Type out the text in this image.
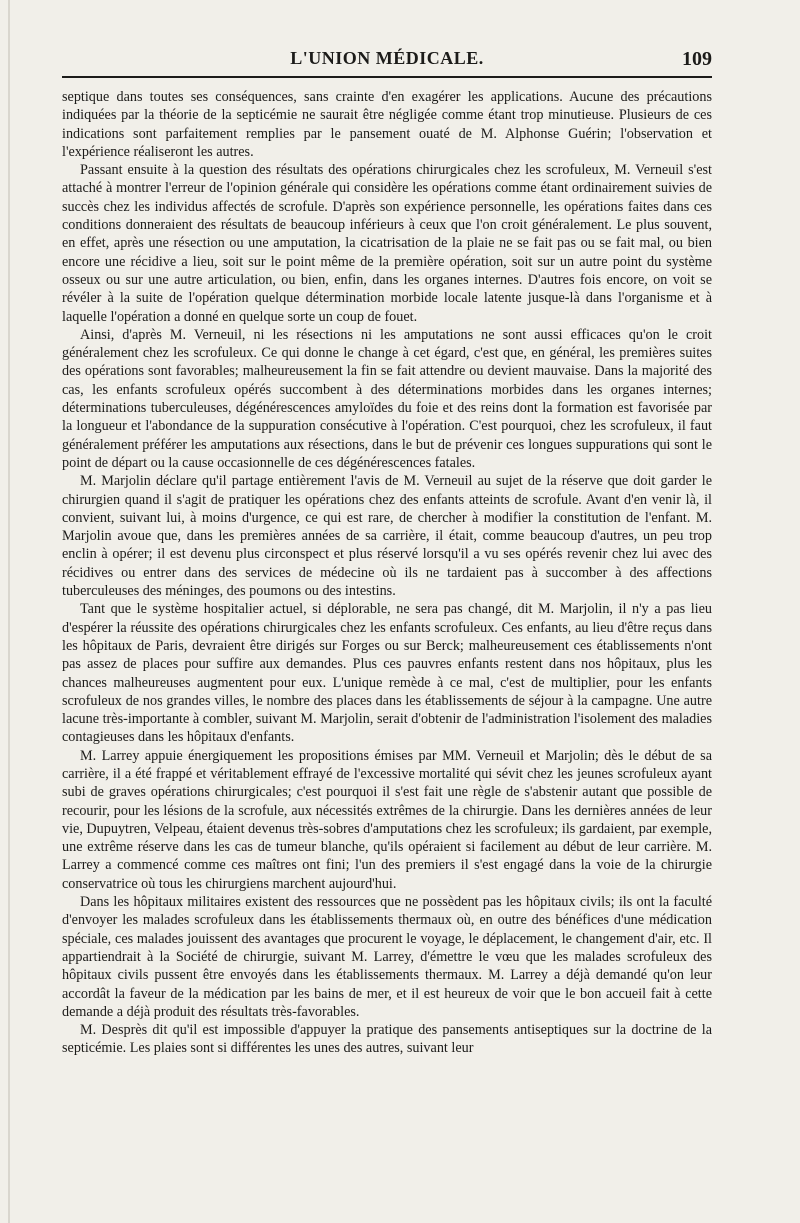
L'UNION MÉDICALE.	109

septique dans toutes ses conséquences, sans crainte d'en exagérer les applications. Aucune des précautions indiquées par la théorie de la septicémie ne saurait être négligée comme étant trop minutieuse. Plusieurs de ces indications sont parfaitement remplies par le pansement ouaté de M. Alphonse Guérin; l'observation et l'expérience réaliseront les autres.

Passant ensuite à la question des résultats des opérations chirurgicales chez les scrofuleux, M. Verneuil s'est attaché à montrer l'erreur de l'opinion générale qui considère les opérations comme étant ordinairement suivies de succès chez les individus affectés de scrofule. D'après son expérience personnelle, les opérations faites dans ces conditions donneraient des résultats de beaucoup inférieurs à ceux que l'on croit généralement. Le plus souvent, en effet, après une résection ou une amputation, la cicatrisation de la plaie ne se fait pas ou se fait mal, ou bien encore une récidive a lieu, soit sur le point même de la première opération, soit sur un autre point du système osseux ou sur une autre articulation, ou bien, enfin, dans les organes internes. D'autres fois encore, on voit se révéler à la suite de l'opération quelque détermination morbide locale latente jusque-là dans l'organisme et à laquelle l'opération a donné en quelque sorte un coup de fouet.

Ainsi, d'après M. Verneuil, ni les résections ni les amputations ne sont aussi efficaces qu'on le croit généralement chez les scrofuleux. Ce qui donne le change à cet égard, c'est que, en général, les premières suites des opérations sont favorables; malheureusement la fin se fait attendre ou devient mauvaise. Dans la majorité des cas, les enfants scrofuleux opérés succombent à des déterminations morbides dans les organes internes; déterminations tuberculeuses, dégénérescences amyloïdes du foie et des reins dont la formation est favorisée par la longueur et l'abondance de la suppuration consécutive à l'opération. C'est pourquoi, chez les scrofuleux, il faut généralement préférer les amputations aux résections, dans le but de prévenir ces longues suppurations qui sont le point de départ ou la cause occasionnelle de ces dégénérescences fatales.

M. Marjolin déclare qu'il partage entièrement l'avis de M. Verneuil au sujet de la réserve que doit garder le chirurgien quand il s'agit de pratiquer les opérations chez des enfants atteints de scrofule. Avant d'en venir là, il convient, suivant lui, à moins d'urgence, ce qui est rare, de chercher à modifier la constitution de l'enfant. M. Marjolin avoue que, dans les premières années de sa carrière, il était, comme beaucoup d'autres, un peu trop enclin à opérer; il est devenu plus circonspect et plus réservé lorsqu'il a vu ses opérés revenir chez lui avec des récidives ou entrer dans des services de médecine où ils ne tardaient pas à succomber à des affections tuberculeuses des méninges, des poumons ou des intestins.

Tant que le système hospitalier actuel, si déplorable, ne sera pas changé, dit M. Marjolin, il n'y a pas lieu d'espérer la réussite des opérations chirurgicales chez les enfants scrofuleux. Ces enfants, au lieu d'être reçus dans les hôpitaux de Paris, devraient être dirigés sur Forges ou sur Berck; malheureusement ces établissements n'ont pas assez de places pour suffire aux demandes. Plus ces pauvres enfants restent dans nos hôpitaux, plus les chances malheureuses augmentent pour eux. L'unique remède à ce mal, c'est de multiplier, pour les enfants scrofuleux de nos grandes villes, le nombre des places dans les établissements de séjour à la campagne. Une autre lacune très-importante à combler, suivant M. Marjolin, serait d'obtenir de l'administration l'isolement des maladies contagieuses dans les hôpitaux d'enfants.

M. Larrey appuie énergiquement les propositions émises par MM. Verneuil et Marjolin; dès le début de sa carrière, il a été frappé et véritablement effrayé de l'excessive mortalité qui sévit chez les jeunes scrofuleux ayant subi de graves opérations chirurgicales; c'est pourquoi il s'est fait une règle de s'abstenir autant que possible de recourir, pour les lésions de la scrofule, aux nécessités extrêmes de la chirurgie. Dans les dernières années de leur vie, Dupuytren, Velpeau, étaient devenus très-sobres d'amputations chez les scrofuleux; ils gardaient, par exemple, une extrême réserve dans les cas de tumeur blanche, qu'ils opéraient si facilement au début de leur carrière. M. Larrey a commencé comme ces maîtres ont fini; l'un des premiers il s'est engagé dans la voie de la chirurgie conservatrice où tous les chirurgiens marchent aujourd'hui.

Dans les hôpitaux militaires existent des ressources que ne possèdent pas les hôpitaux civils; ils ont la faculté d'envoyer les malades scrofuleux dans les établissements thermaux où, en outre des bénéfices d'une médication spéciale, ces malades jouissent des avantages que procurent le voyage, le déplacement, le changement d'air, etc. Il appartiendrait à la Société de chirurgie, suivant M. Larrey, d'émettre le vœu que les malades scrofuleux des hôpitaux civils pussent être envoyés dans les établissements thermaux. M. Larrey a déjà demandé qu'on leur accordât la faveur de la médication par les bains de mer, et il est heureux de voir que le bon accueil fait à cette demande a déjà produit des résultats très-favorables.

M. Desprès dit qu'il est impossible d'appuyer la pratique des pansements antiseptiques sur la doctrine de la septicémie. Les plaies sont si différentes les unes des autres, suivant leur
